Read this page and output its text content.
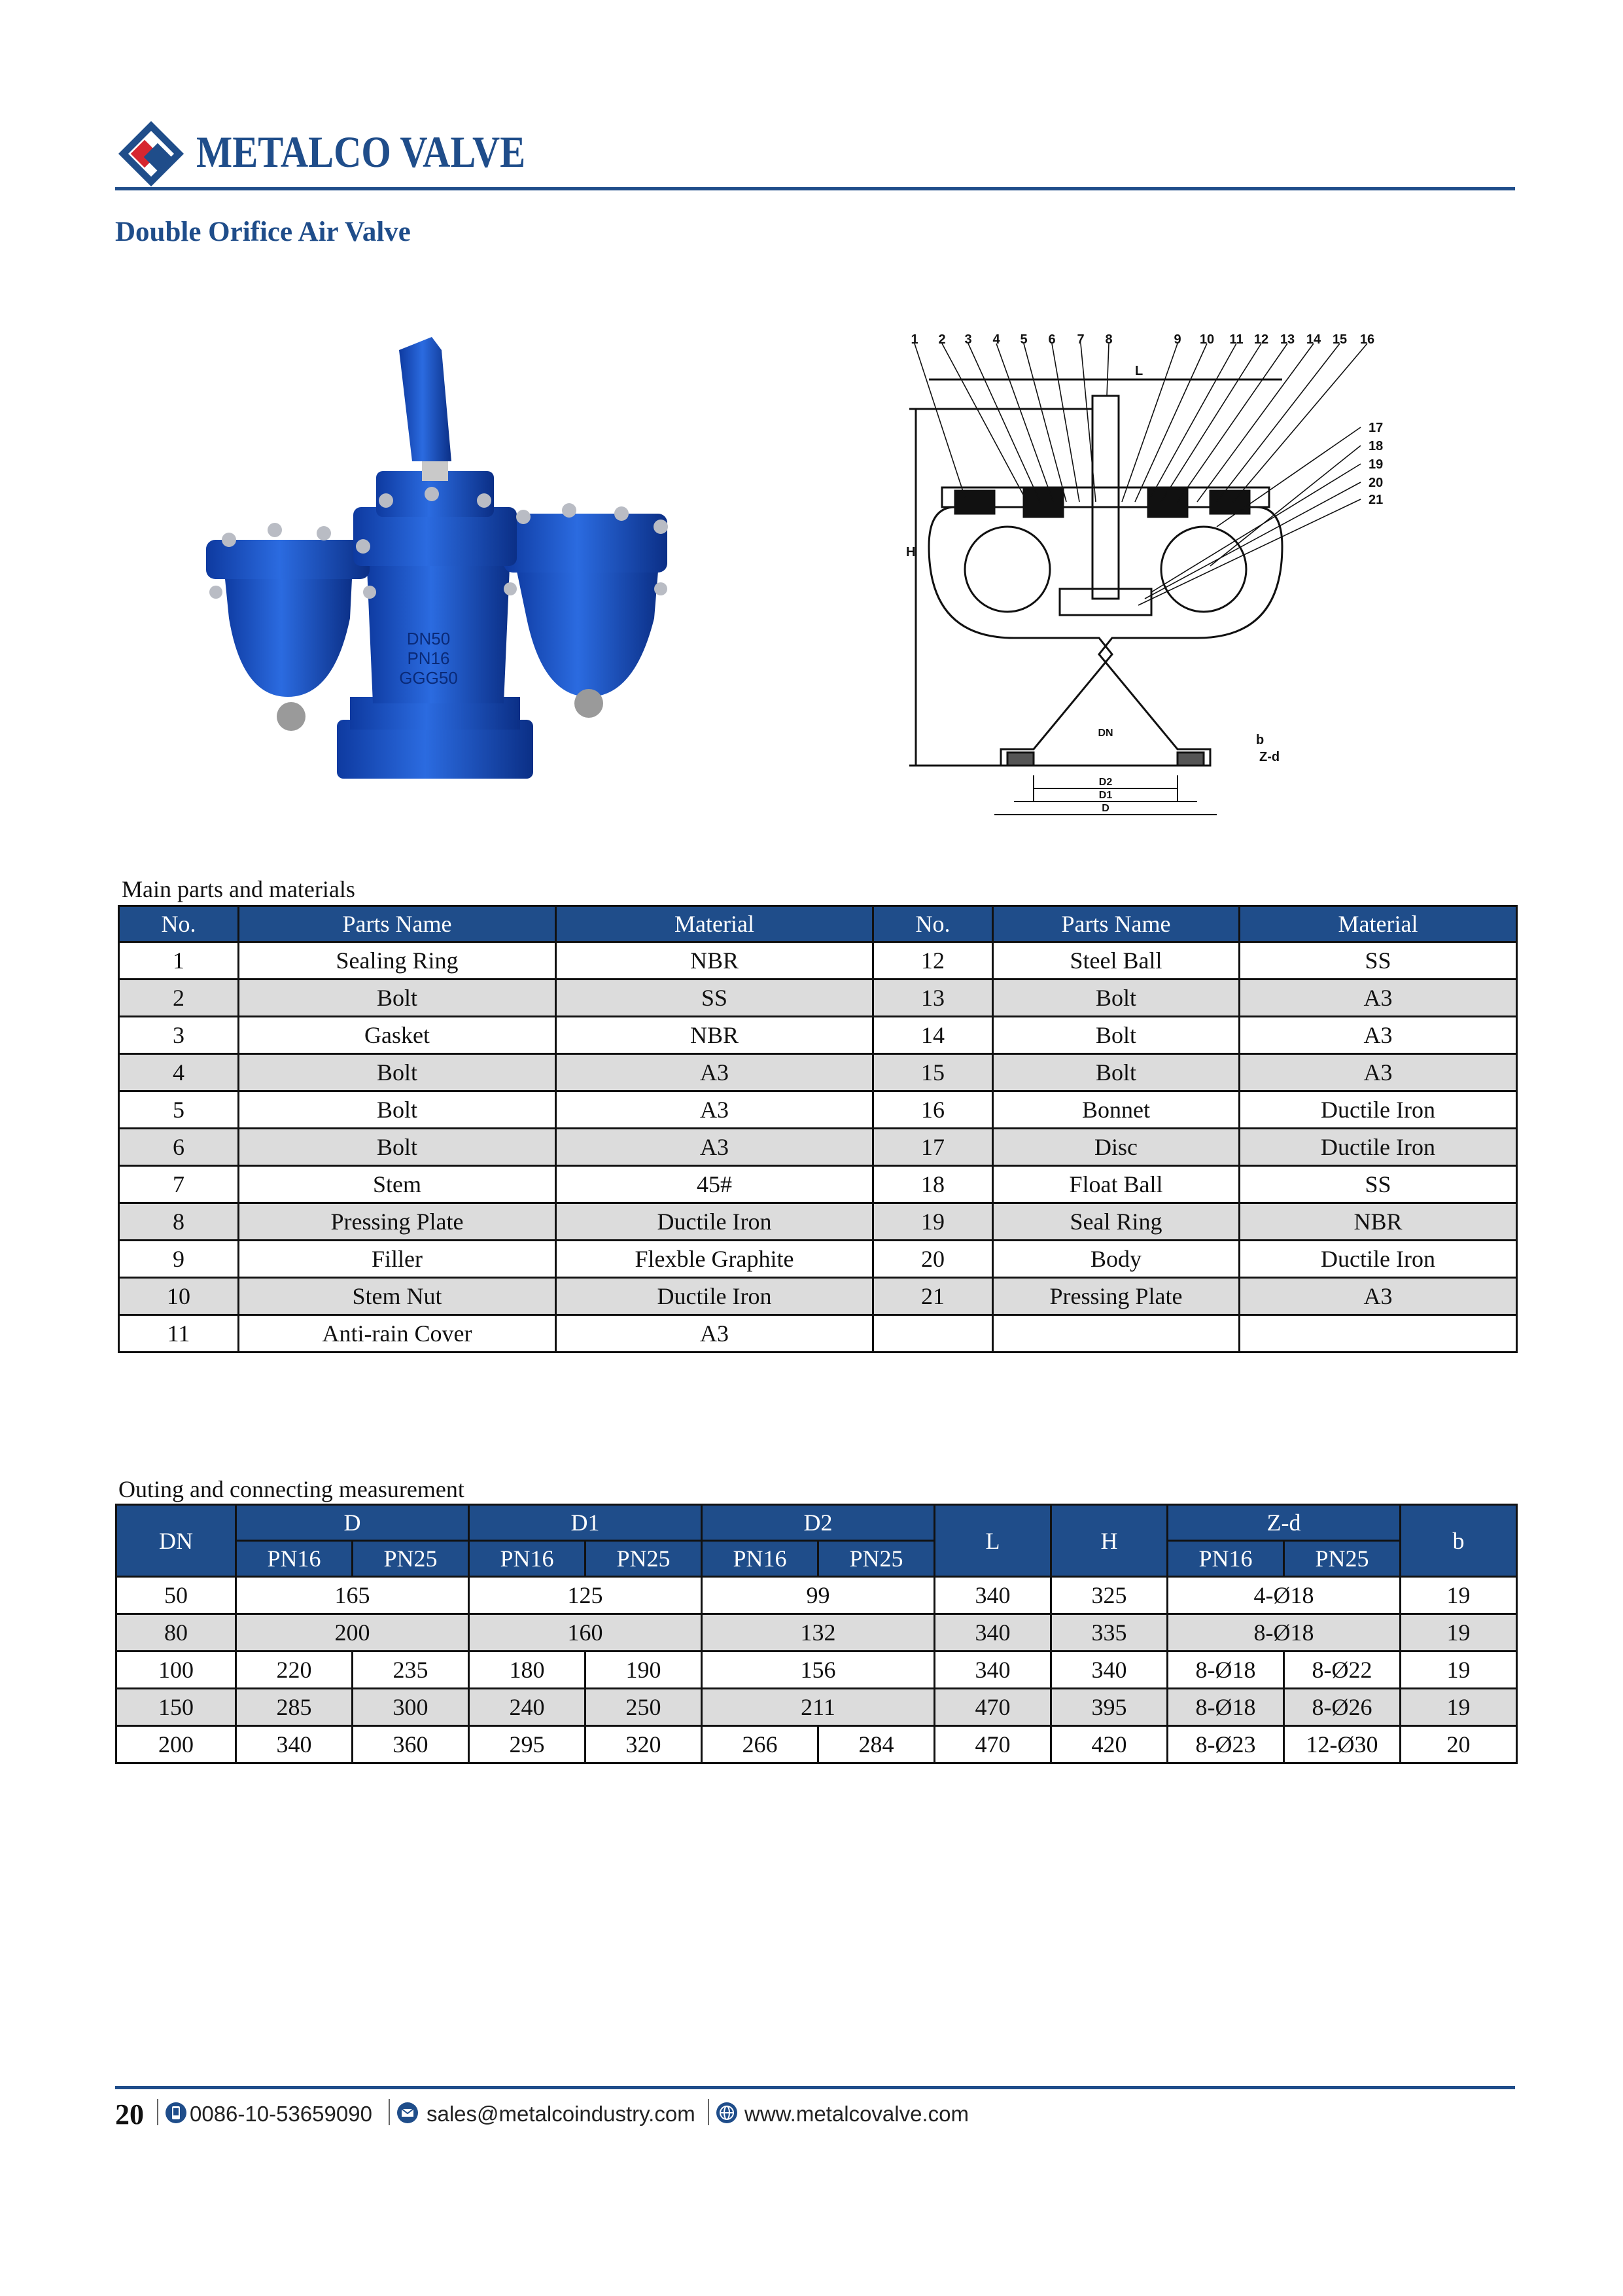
METALCO VALVE
Double Orifice Air Valve
DN50
PN16
GGG50
1 2 3 4 5 6 7 8	9 10 11 12 13 14 15 16
17
18
19
20
21
L
H
b
Z-d
DN
D2
D1
D
Main parts and materials
No.	Parts Name	Material	No.	Parts Name	Material
1	Sealing Ring	NBR	12	Steel Ball	SS
2	Bolt	SS	13	Bolt	A3
3	Gasket	NBR	14	Bolt	A3
4	Bolt	A3	15	Bolt	A3
5	Bolt	A3	16	Bonnet	Ductile Iron
6	Bolt	A3	17	Disc	Ductile Iron
7	Stem	45#	18	Float Ball	SS
8	Pressing Plate	Ductile Iron	19	Seal Ring	NBR
9	Filler	Flexble Graphite	20	Body	Ductile Iron
10	Stem Nut	Ductile Iron	21	Pressing Plate	A3
11	Anti-rain Cover	A3			
Outing and connecting measurement
DN	D		D1		D2		L	H	Z-d		b
	PN16	PN25	PN16	PN25	PN16	PN25			PN16	PN25	
50	165		125		99		340	325	4-Ø18		19
80	200		160		132		340	335	8-Ø18		19
100	220	235	180	190	156		340	340	8-Ø18	8-Ø22	19
150	285	300	240	250	211		470	395	8-Ø18	8-Ø26	19
200	340	360	295	320	266	284	470	420	8-Ø23	12-Ø30	20
20 0086-10-53659090	sales@metalcoindustry.com www.metalcovalve.com
